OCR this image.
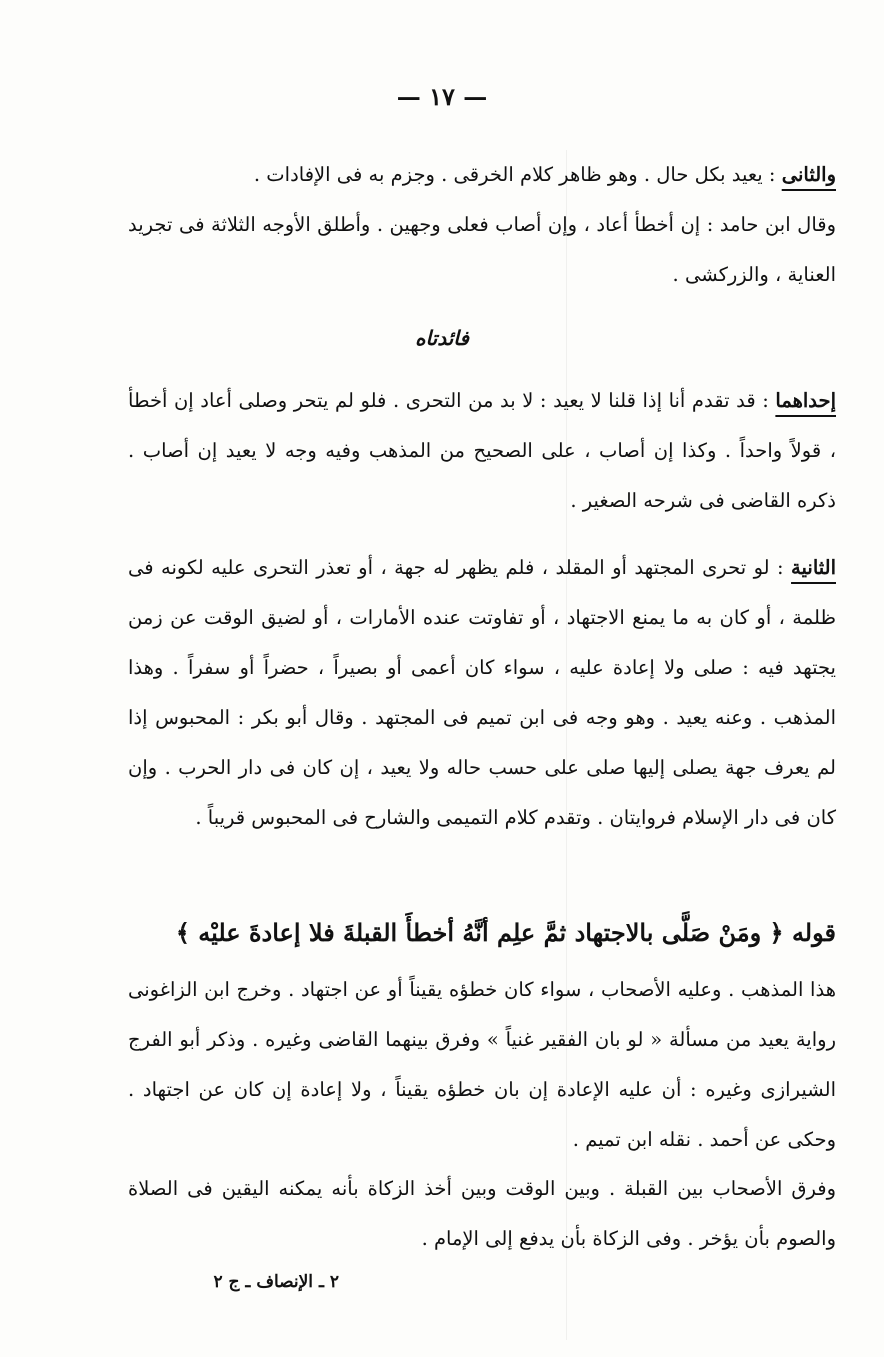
— ١٧ —

والثانى : يعيد بكل حال . وهو ظاهر كلام الخرقى . وجزم به فى الإفادات .

وقال ابن حامد : إن أخطأ أعاد ، وإن أصاب فعلى وجهين . وأطلق الأوجه الثلاثة فى تجريد العناية ، والزركشى .

فائدتاه

إحداهما : قد تقدم أنا إذا قلنا لا يعيد : لا بد من التحرى . فلو لم يتحر وصلى أعاد إن أخطأ ، قولاً واحداً . وكذا إن أصاب ، على الصحيح من المذهب وفيه وجه لا يعيد إن أصاب . ذكره القاضى فى شرحه الصغير .

الثانية : لو تحرى المجتهد أو المقلد ، فلم يظهر له جهة ، أو تعذر التحرى عليه لكونه فى ظلمة ، أو كان به ما يمنع الاجتهاد ، أو تفاوتت عنده الأمارات ، أو لضيق الوقت عن زمن يجتهد فيه : صلى ولا إعادة عليه ، سواء كان أعمى أو بصيراً ، حضراً أو سفراً . وهذا المذهب . وعنه يعيد . وهو وجه فى ابن تميم فى المجتهد . وقال أبو بكر : المحبوس إذا لم يعرف جهة يصلى إليها صلى على حسب حاله ولا يعيد ، إن كان فى دار الحرب . وإن كان فى دار الإسلام فروايتان . وتقدم كلام التميمى والشارح فى المحبوس قريباً .

قوله ﴿ ومَنْ صَلَّى بالاجتهاد ثمَّ علِم أنَّهُ أخطأَ القبلةَ فلا إعادةَ عليْه ﴾

هذا المذهب . وعليه الأصحاب ، سواء كان خطؤه يقيناً أو عن اجتهاد . وخرج ابن الزاغونى رواية يعيد من مسألة « لو بان الفقير غنياً » وفرق بينهما القاضى وغيره . وذكر أبو الفرج الشيرازى وغيره : أن عليه الإعادة إن بان خطؤه يقيناً ، ولا إعادة إن كان عن اجتهاد . وحكى عن أحمد . نقله ابن تميم .

وفرق الأصحاب بين القبلة . وبين الوقت وبين أخذ الزكاة بأنه يمكنه اليقين فى الصلاة والصوم بأن يؤخر . وفى الزكاة بأن يدفع إلى الإمام .

٢ ـ الإنصاف ـ ج ٢
